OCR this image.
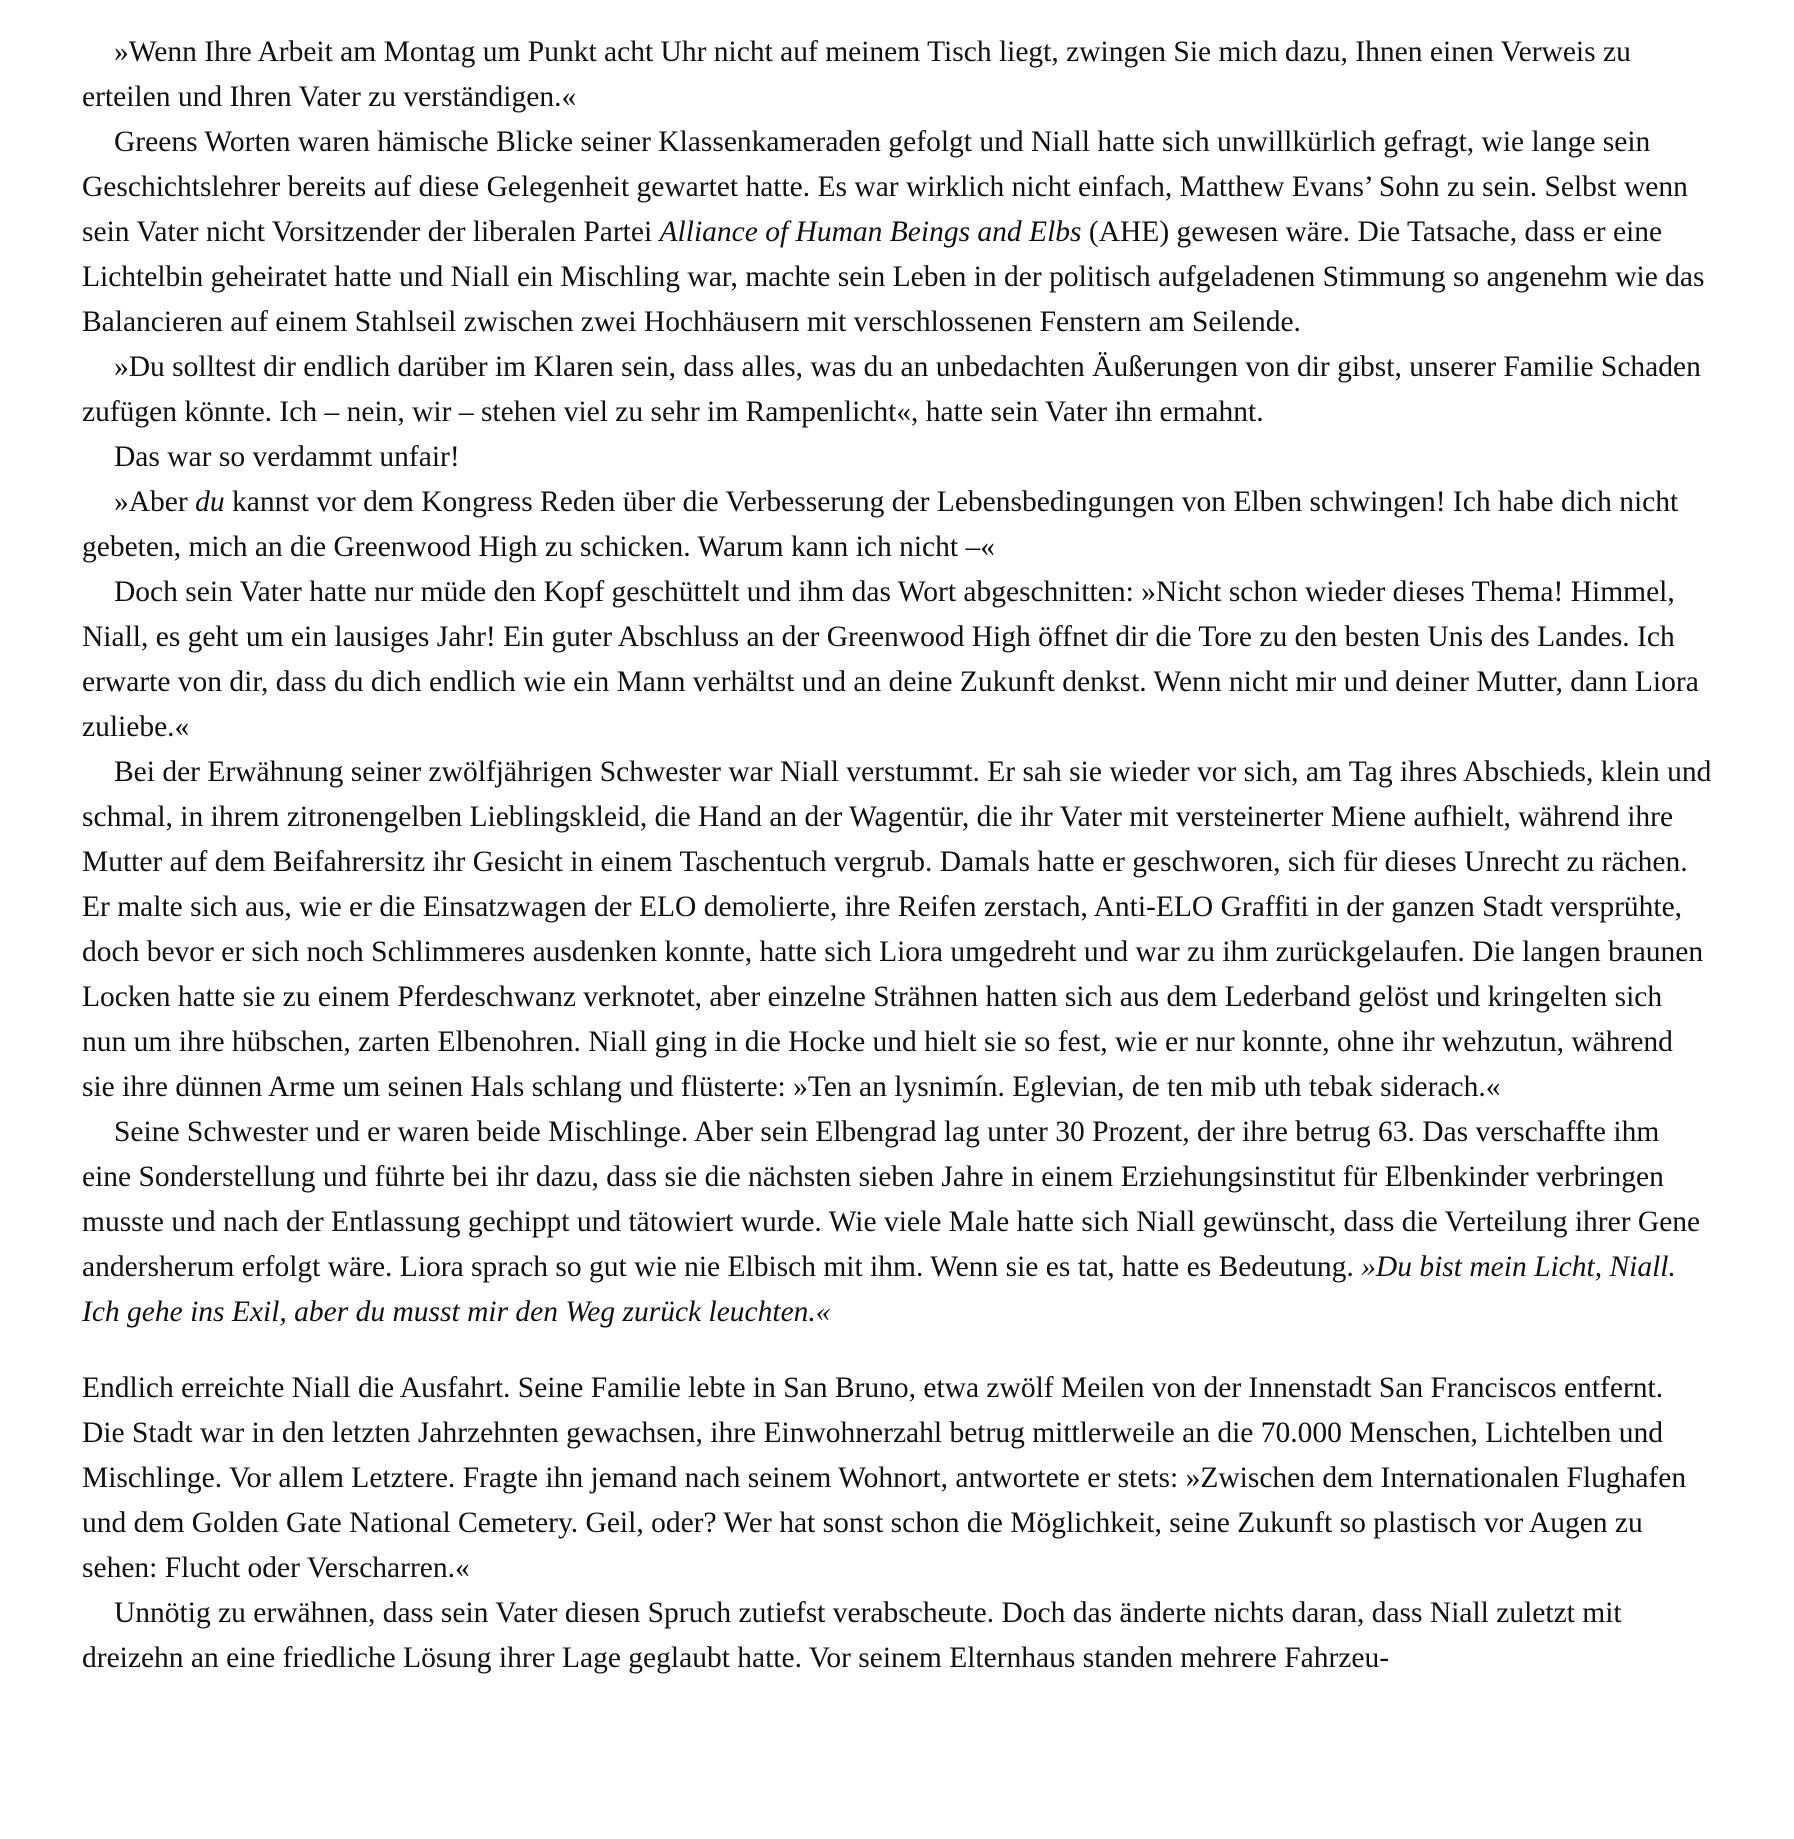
»Wenn Ihre Arbeit am Montag um Punkt acht Uhr nicht auf meinem Tisch liegt, zwingen Sie mich dazu, Ihnen einen Verweis zu erteilen und Ihren Vater zu verständigen.«

Greens Worten waren hämische Blicke seiner Klassenkameraden gefolgt und Niall hatte sich unwillkürlich gefragt, wie lange sein Geschichtslehrer bereits auf diese Gelegenheit gewartet hatte. Es war wirklich nicht einfach, Matthew Evans’ Sohn zu sein. Selbst wenn sein Vater nicht Vorsitzender der liberalen Partei Alliance of Human Beings and Elbs (AHE) gewesen wäre. Die Tatsache, dass er eine Lichtelbin geheiratet hatte und Niall ein Mischling war, machte sein Leben in der politisch aufgeladenen Stimmung so angenehm wie das Balancieren auf einem Stahlseil zwischen zwei Hochhäusern mit verschlossenen Fenstern am Seilende.

»Du solltest dir endlich darüber im Klaren sein, dass alles, was du an unbedachten Äußerungen von dir gibst, unserer Familie Schaden zufügen könnte. Ich – nein, wir – stehen viel zu sehr im Rampenlicht«, hatte sein Vater ihn ermahnt.

Das war so verdammt unfair!

»Aber du kannst vor dem Kongress Reden über die Verbesserung der Lebensbedingungen von Elben schwingen! Ich habe dich nicht gebeten, mich an die Greenwood High zu schicken. Warum kann ich nicht –«

Doch sein Vater hatte nur müde den Kopf geschüttelt und ihm das Wort abgeschnitten: »Nicht schon wieder dieses Thema! Himmel, Niall, es geht um ein lausiges Jahr! Ein guter Abschluss an der Greenwood High öffnet dir die Tore zu den besten Unis des Landes. Ich erwarte von dir, dass du dich endlich wie ein Mann verhältst und an deine Zukunft denkst. Wenn nicht mir und deiner Mutter, dann Liora zuliebe.«

Bei der Erwähnung seiner zwölfjährigen Schwester war Niall verstummt. Er sah sie wieder vor sich, am Tag ihres Abschieds, klein und schmal, in ihrem zitronengelben Lieblingskleid, die Hand an der Wagentür, die ihr Vater mit versteinerter Miene aufhielt, während ihre Mutter auf dem Beifahrersitz ihr Gesicht in einem Taschentuch vergrub. Damals hatte er geschworen, sich für dieses Unrecht zu rächen. Er malte sich aus, wie er die Einsatzwagen der ELO demolierte, ihre Reifen zerstach, Anti-ELO Graffiti in der ganzen Stadt versprühte, doch bevor er sich noch Schlimmeres ausdenken konnte, hatte sich Liora umgedreht und war zu ihm zurückgelaufen. Die langen braunen Locken hatte sie zu einem Pferdeschwanz verknotet, aber einzelne Strähnen hatten sich aus dem Lederband gelöst und kringelten sich nun um ihre hübschen, zarten Elbenohren. Niall ging in die Hocke und hielt sie so fest, wie er nur konnte, ohne ihr wehzutun, während sie ihre dünnen Arme um seinen Hals schlang und flüsterte: »Ten an lysnimín. Eglevian, de ten mib uth tebak siderach.«

Seine Schwester und er waren beide Mischlinge. Aber sein Elbengrad lag unter 30 Prozent, der ihre betrug 63. Das verschaffte ihm eine Sonderstellung und führte bei ihr dazu, dass sie die nächsten sieben Jahre in einem Erziehungsinstitut für Elbenkinder verbringen musste und nach der Entlassung gechippt und tätowiert wurde. Wie viele Male hatte sich Niall gewünscht, dass die Verteilung ihrer Gene andersherum erfolgt wäre. Liora sprach so gut wie nie Elbisch mit ihm. Wenn sie es tat, hatte es Bedeutung. »Du bist mein Licht, Niall. Ich gehe ins Exil, aber du musst mir den Weg zurück leuchten.«

Endlich erreichte Niall die Ausfahrt. Seine Familie lebte in San Bruno, etwa zwölf Meilen von der Innenstadt San Franciscos entfernt. Die Stadt war in den letzten Jahrzehnten gewachsen, ihre Einwohnerzahl betrug mittlerweile an die 70.000 Menschen, Lichtelben und Mischlinge. Vor allem Letztere. Fragte ihn jemand nach seinem Wohnort, antwortete er stets: »Zwischen dem Internationalen Flughafen und dem Golden Gate National Cemetery. Geil, oder? Wer hat sonst schon die Möglichkeit, seine Zukunft so plastisch vor Augen zu sehen: Flucht oder Verscharren.«

Unnötig zu erwähnen, dass sein Vater diesen Spruch zutiefst verabscheute. Doch das änderte nichts daran, dass Niall zuletzt mit dreizehn an eine friedliche Lösung ihrer Lage geglaubt hatte. Vor seinem Elternhaus standen mehrere Fahrzeu-
